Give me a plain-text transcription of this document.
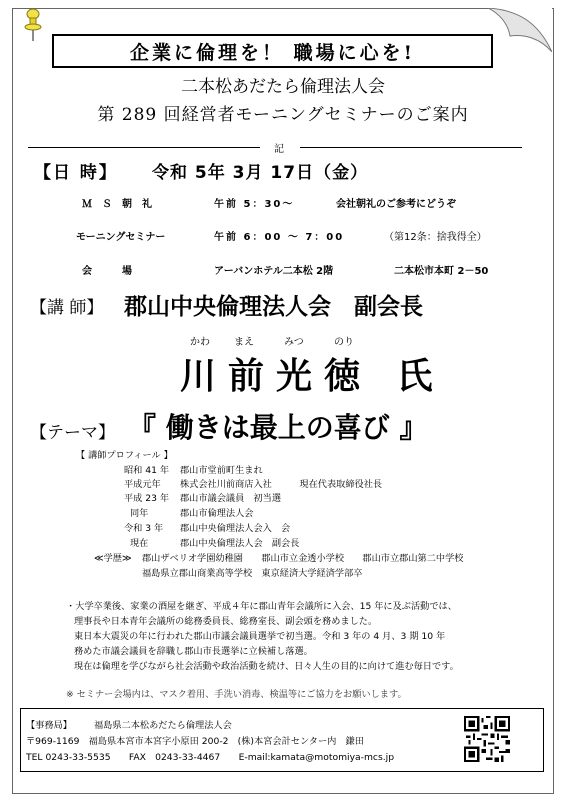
企業に倫理を！ 職場に心を!
二本松あだたら倫理法人会
第 289 回経営者モーニングセミナーのご案内
記
【日 時】 令和 5年 3月 17日（金）
ＭＳ朝礼	午前 5：30～	会社朝礼のご参考にどうぞ
モーニングセミナー	午前 6：00 ～ 7：00	（第12条：捨我得全）
会　　　場	アーバンホテル二本松 2階	二本松市本町 2－50
【講 師】 郡山中央倫理法人会　副会長
かわ まえ	みつ	のり
川前光徳 氏
【テーマ】 『 働きは最上の喜び 』
【 講師プロフィール 】
昭和 41 年 郡山市堂前町生まれ
平成元年 株式会社川前商店入社　　　現在代表取締役社長
平成 23 年 郡山市議会議員　初当選
同年	郡山市倫理法人会
令和 3 年 郡山中央倫理法人会入　会
現在	郡山中央倫理法人会　副会長
≪学歴≫ 郡山ザベリオ学園幼稚園　　郡山市立金透小学校　　郡山市立郡山第二中学校
福島県立郡山商業高等学校　東京経済大学経済学部卒
・大学卒業後、家業の酒屋を継ぎ、平成４年に郡山青年会議所に入会、15 年に及ぶ活動では、
理事長や日本青年会議所の総務委員長、総務室長、副会頭を務めました。
東日本大震災の年に行われた郡山市議会議員選挙で初当選。令和 3 年の 4 月、3 期 10 年
務めた市議会議員を辞職し郡山市長選挙に立候補し落選。
現在は倫理を学びながら社会活動や政治活動を続け、日々人生の目的に向けて進む毎日です。
※ セミナー会場内は、マスク着用、手洗い消毒、検温等にご協力をお願いします。
【事務局】 福島県二本松あだたら倫理法人会
〒969-1169　福島県本宮市本宮字小原田 200-2　(株)本宮会計センター内　鎌田
TEL 0243-33-5535　　FAX　0243-33-4467　　E-mail:kamata@motomiya-mcs.jp
